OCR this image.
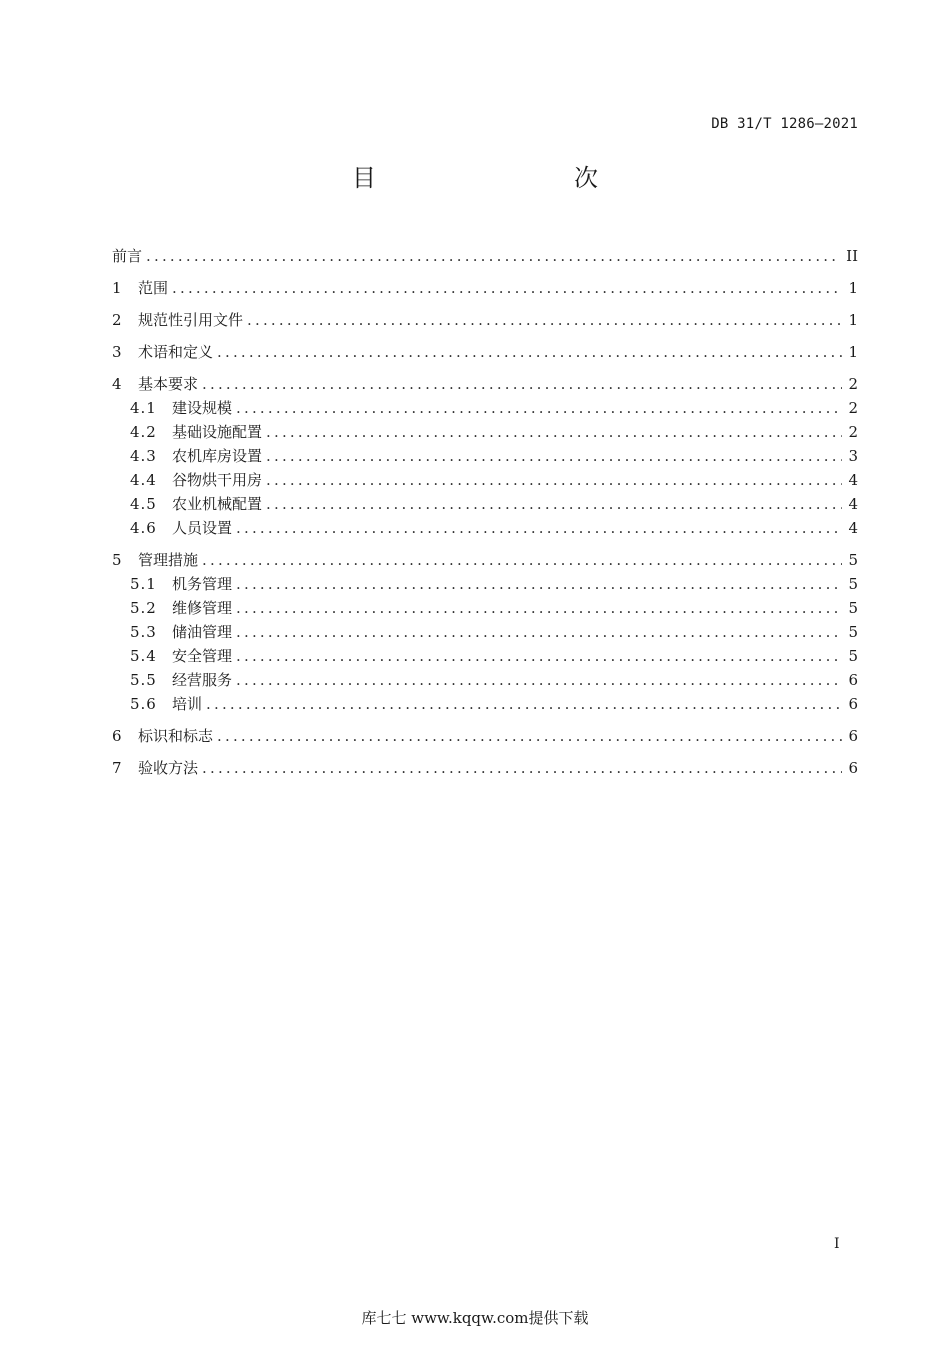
DB 31/T 1286—2021
目　　次
前言 .....	II
1	范围 .....	1
2	规范性引用文件 .....	1
3	术语和定义 .....	1
4	基本要求 .....	2
4.1	建设规模 .....	2
4.2	基础设施配置 .....	2
4.3	农机库房设置 .....	3
4.4	谷物烘干用房 .....	4
4.5	农业机械配置 .....	4
4.6	人员设置 .....	4
5	管理措施 .....	5
5.1	机务管理 .....	5
5.2	维修管理 .....	5
5.3	储油管理 .....	5
5.4	安全管理 .....	5
5.5	经营服务 .....	6
5.6	培训 .....	6
6	标识和标志 .....	6
7	验收方法 .....	6
I
库七七 www.kqqw.com提供下载
